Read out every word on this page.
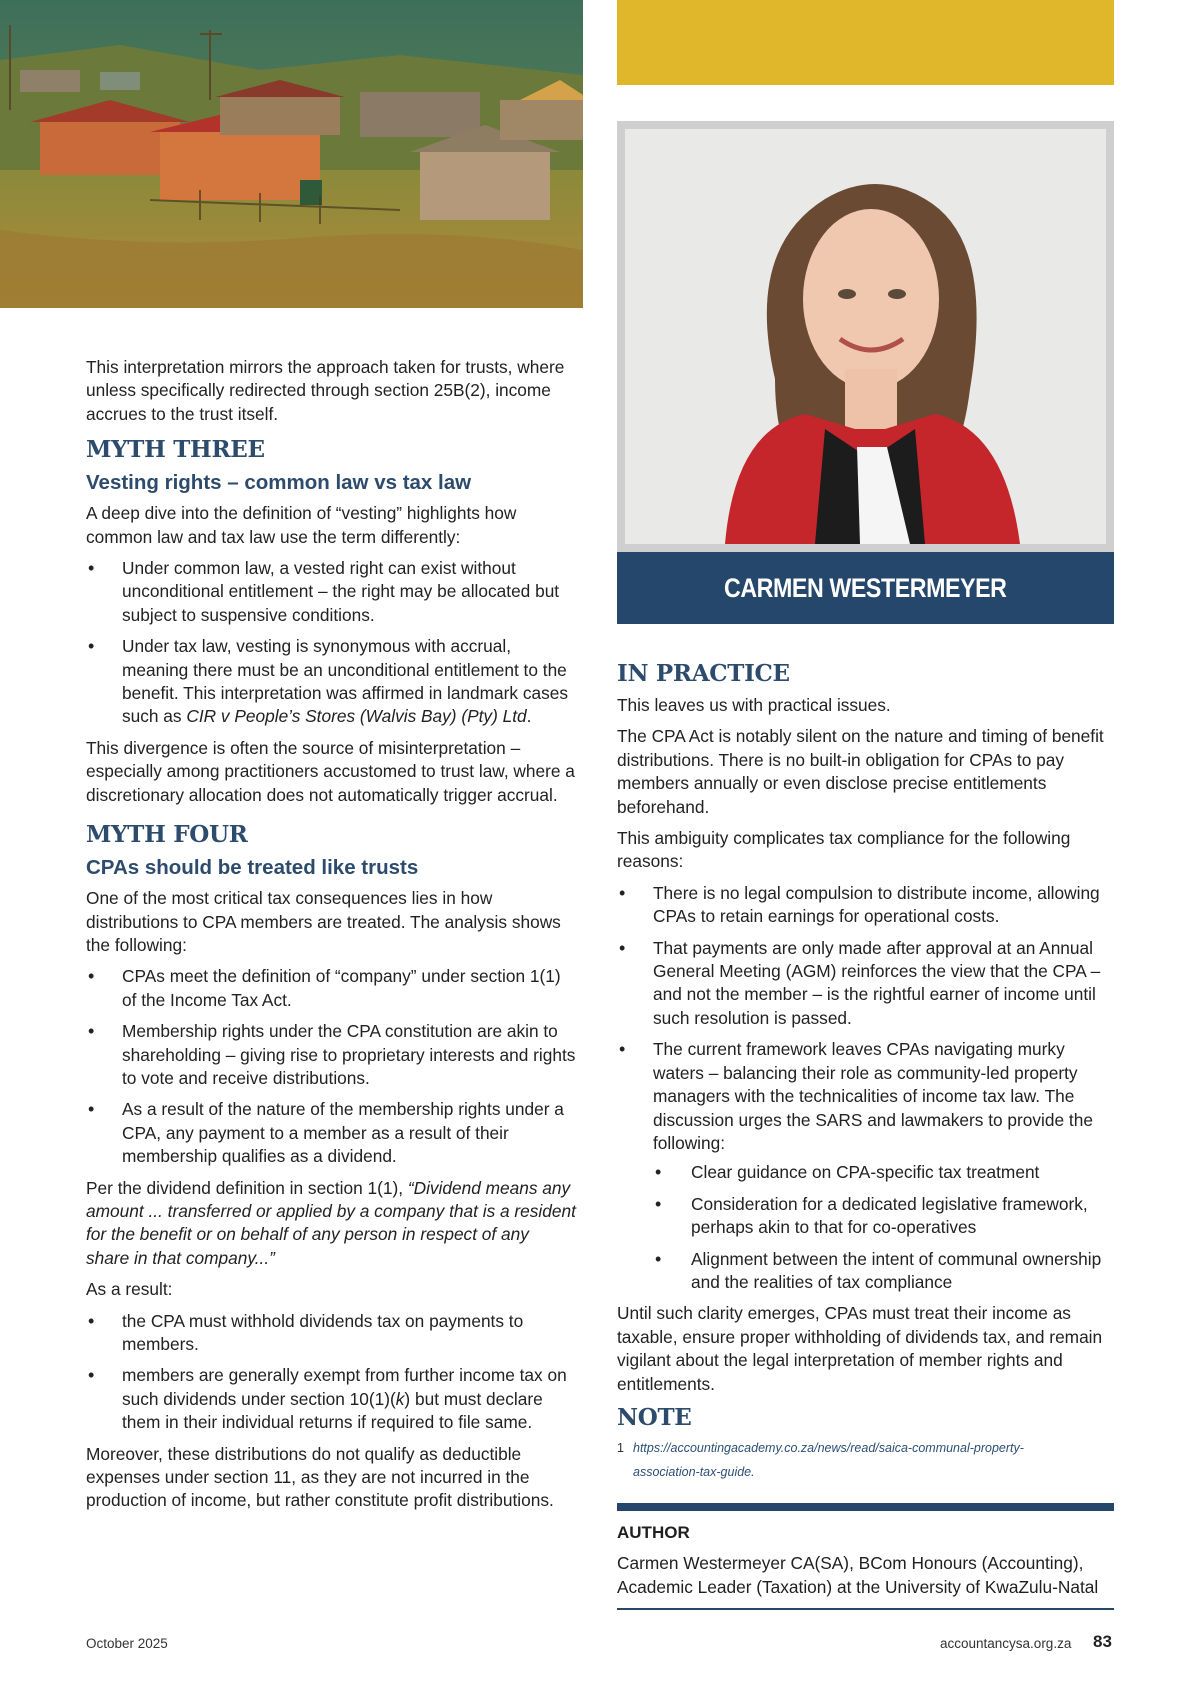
CARMEN WESTERMEYER

This interpretation mirrors the approach taken for trusts, where unless specifically redirected through section 25B(2), income accrues to the trust itself.

MYTH THREE
Vesting rights – common law vs tax law

A deep dive into the definition of “vesting” highlights how common law and tax law use the term differently:

• Under common law, a vested right can exist without unconditional entitlement – the right may be allocated but subject to suspensive conditions.
• Under tax law, vesting is synonymous with accrual, meaning there must be an unconditional entitlement to the benefit. This interpretation was affirmed in landmark cases such as CIR v People’s Stores (Walvis Bay) (Pty) Ltd.

This divergence is often the source of misinterpretation – especially among practitioners accustomed to trust law, where a discretionary allocation does not automatically trigger accrual.

MYTH FOUR
CPAs should be treated like trusts

One of the most critical tax consequences lies in how distributions to CPA members are treated. The analysis shows the following:

• CPAs meet the definition of “company” under section 1(1) of the Income Tax Act.
• Membership rights under the CPA constitution are akin to shareholding – giving rise to proprietary interests and rights to vote and receive distributions.
• As a result of the nature of the membership rights under a CPA, any payment to a member as a result of their membership qualifies as a dividend.

Per the dividend definition in section 1(1), “Dividend means any amount ... transferred or applied by a company that is a resident for the benefit or on behalf of any person in respect of any share in that company...”

As a result:

• the CPA must withhold dividends tax on payments to members.
• members are generally exempt from further income tax on such dividends under section 10(1)(k) but must declare them in their individual returns if required to file same.

Moreover, these distributions do not qualify as deductible expenses under section 11, as they are not incurred in the production of income, but rather constitute profit distributions.

IN PRACTICE

This leaves us with practical issues.

The CPA Act is notably silent on the nature and timing of benefit distributions. There is no built-in obligation for CPAs to pay members annually or even disclose precise entitlements beforehand.

This ambiguity complicates tax compliance for the following reasons:

• There is no legal compulsion to distribute income, allowing CPAs to retain earnings for operational costs.
• That payments are only made after approval at an Annual General Meeting (AGM) reinforces the view that the CPA – and not the member – is the rightful earner of income until such resolution is passed.
• The current framework leaves CPAs navigating murky waters – balancing their role as community-led property managers with the technicalities of income tax law. The discussion urges the SARS and lawmakers to provide the following:
• Clear guidance on CPA-specific tax treatment
• Consideration for a dedicated legislative framework, perhaps akin to that for co-operatives
• Alignment between the intent of communal ownership and the realities of tax compliance

Until such clarity emerges, CPAs must treat their income as taxable, ensure proper withholding of dividends tax, and remain vigilant about the legal interpretation of member rights and entitlements.

NOTE
1 https://accountingacademy.co.za/news/read/saica-communal-property-
association-tax-guide.
AUTHOR
Carmen Westermeyer CA(SA), BCom Honours (Accounting),
Academic Leader (Taxation) at the University of KwaZulu-Natal
October 2025	accountancysa.org.za 83
